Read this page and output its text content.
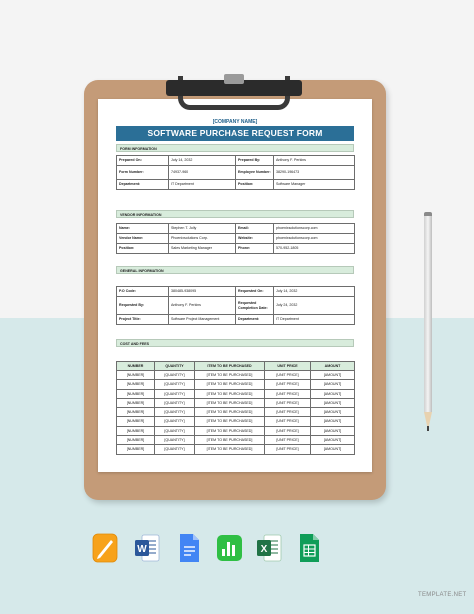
[COMPANY NAME]
SOFTWARE PURCHASE REQUEST FORM
FORM INFORMATION
Prepared On:	July 14, 2032	Prepared By:	Anthony F. Perkins
Form Number:	74937-960	Employee Number:	38290-196473
Department:	IT Department	Position:	Software Manager
VENDOR INFORMATION
Name:	Stephen T. Jolly	Email:	phoenixsolutionscorp.com
Vendor Name:	Phoenixsolutions Corp.	Website:	phoenixsolutionscorp.com
Position:	Sales Marketing Manager	Phone:	570-952-1805
GENERAL INFORMATION
P.O Code:	380485-938095	Requested On:	July 14, 2032
Requested By:	Anthony F. Perkins	Requested Completion Date:	July 24, 2032
Project Title:	Software Project Management	Department:	IT Department
COST AND FEES
NUMBER	QUANTITY	ITEM TO BE PURCHASED	UNIT PRICE	AMOUNT
[NUMBER]	[QUANTITY]	[ITEM TO BE PURCHASED]	[UNIT PRICE]	[AMOUNT]
[NUMBER]	[QUANTITY]	[ITEM TO BE PURCHASED]	[UNIT PRICE]	[AMOUNT]
[NUMBER]	[QUANTITY]	[ITEM TO BE PURCHASED]	[UNIT PRICE]	[AMOUNT]
[NUMBER]	[QUANTITY]	[ITEM TO BE PURCHASED]	[UNIT PRICE]	[AMOUNT]
[NUMBER]	[QUANTITY]	[ITEM TO BE PURCHASED]	[UNIT PRICE]	[AMOUNT]
[NUMBER]	[QUANTITY]	[ITEM TO BE PURCHASED]	[UNIT PRICE]	[AMOUNT]
[NUMBER]	[QUANTITY]	[ITEM TO BE PURCHASED]	[UNIT PRICE]	[AMOUNT]
[NUMBER]	[QUANTITY]	[ITEM TO BE PURCHASED]	[UNIT PRICE]	[AMOUNT]
[NUMBER]	[QUANTITY]	[ITEM TO BE PURCHASED]	[UNIT PRICE]	[AMOUNT]
W	X
TEMPLATE.NET
